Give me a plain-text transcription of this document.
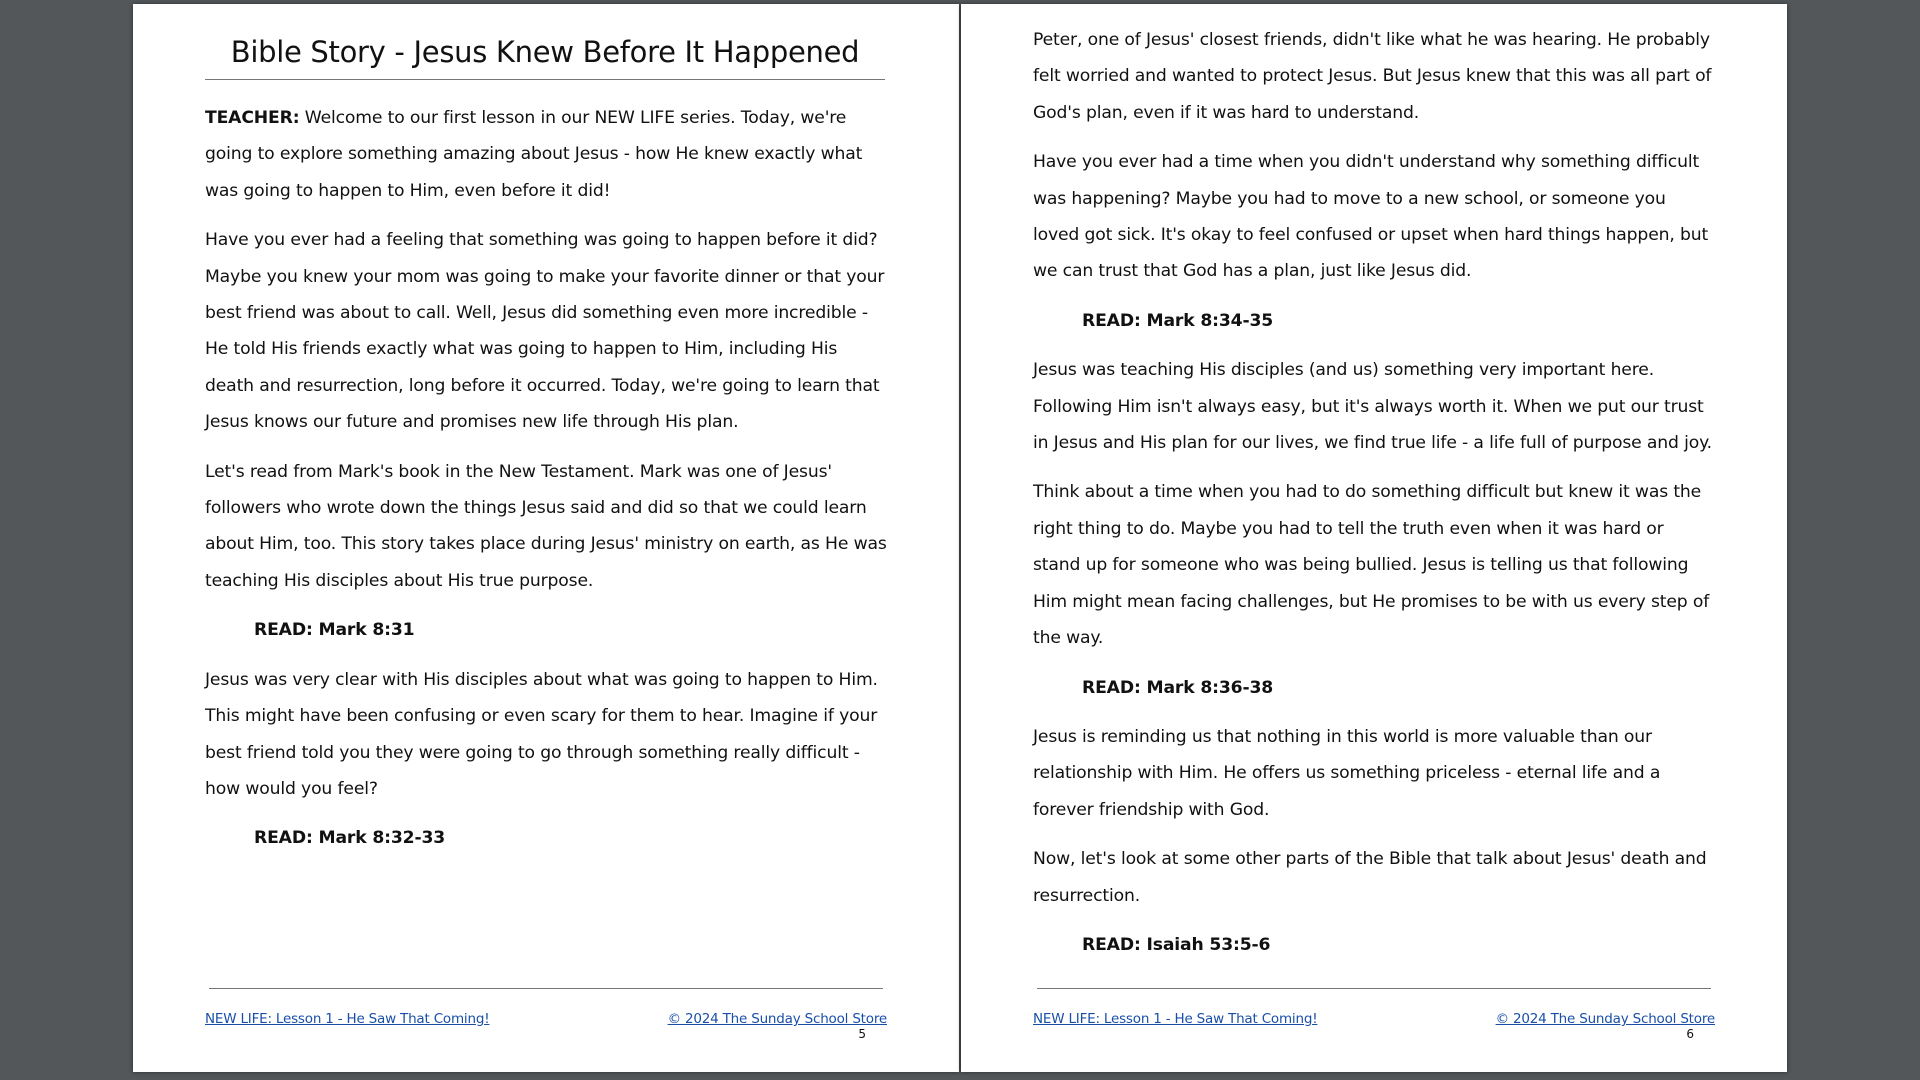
Bible Story - Jesus Knew Before It Happened

TEACHER: Welcome to our first lesson in our NEW LIFE series. Today, we're going to explore something amazing about Jesus - how He knew exactly what was going to happen to Him, even before it did!

Have you ever had a feeling that something was going to happen before it did? Maybe you knew your mom was going to make your favorite dinner or that your best friend was about to call. Well, Jesus did something even more incredible - He told His friends exactly what was going to happen to Him, including His death and resurrection, long before it occurred. Today, we're going to learn that Jesus knows our future and promises new life through His plan.

Let's read from Mark's book in the New Testament. Mark was one of Jesus' followers who wrote down the things Jesus said and did so that we could learn about Him, too. This story takes place during Jesus' ministry on earth, as He was teaching His disciples about His true purpose.

READ: Mark 8:31

Jesus was very clear with His disciples about what was going to happen to Him. This might have been confusing or even scary for them to hear. Imagine if your best friend told you they were going to go through something really difficult - how would you feel?

READ: Mark 8:32-33
NEW LIFE: Lesson 1 - He Saw That Coming!	© 2024 The Sunday School Store
5

Peter, one of Jesus' closest friends, didn't like what he was hearing. He probably felt worried and wanted to protect Jesus. But Jesus knew that this was all part of God's plan, even if it was hard to understand.

Have you ever had a time when you didn't understand why something difficult was happening? Maybe you had to move to a new school, or someone you loved got sick. It's okay to feel confused or upset when hard things happen, but we can trust that God has a plan, just like Jesus did.

READ: Mark 8:34-35

Jesus was teaching His disciples (and us) something very important here. Following Him isn't always easy, but it's always worth it. When we put our trust in Jesus and His plan for our lives, we find true life - a life full of purpose and joy.

Think about a time when you had to do something difficult but knew it was the right thing to do. Maybe you had to tell the truth even when it was hard or stand up for someone who was being bullied. Jesus is telling us that following Him might mean facing challenges, but He promises to be with us every step of the way.

READ: Mark 8:36-38

Jesus is reminding us that nothing in this world is more valuable than our relationship with Him. He offers us something priceless - eternal life and a forever friendship with God.

Now, let's look at some other parts of the Bible that talk about Jesus' death and resurrection.

READ: Isaiah 53:5-6
NEW LIFE: Lesson 1 - He Saw That Coming!	© 2024 The Sunday School Store
6
